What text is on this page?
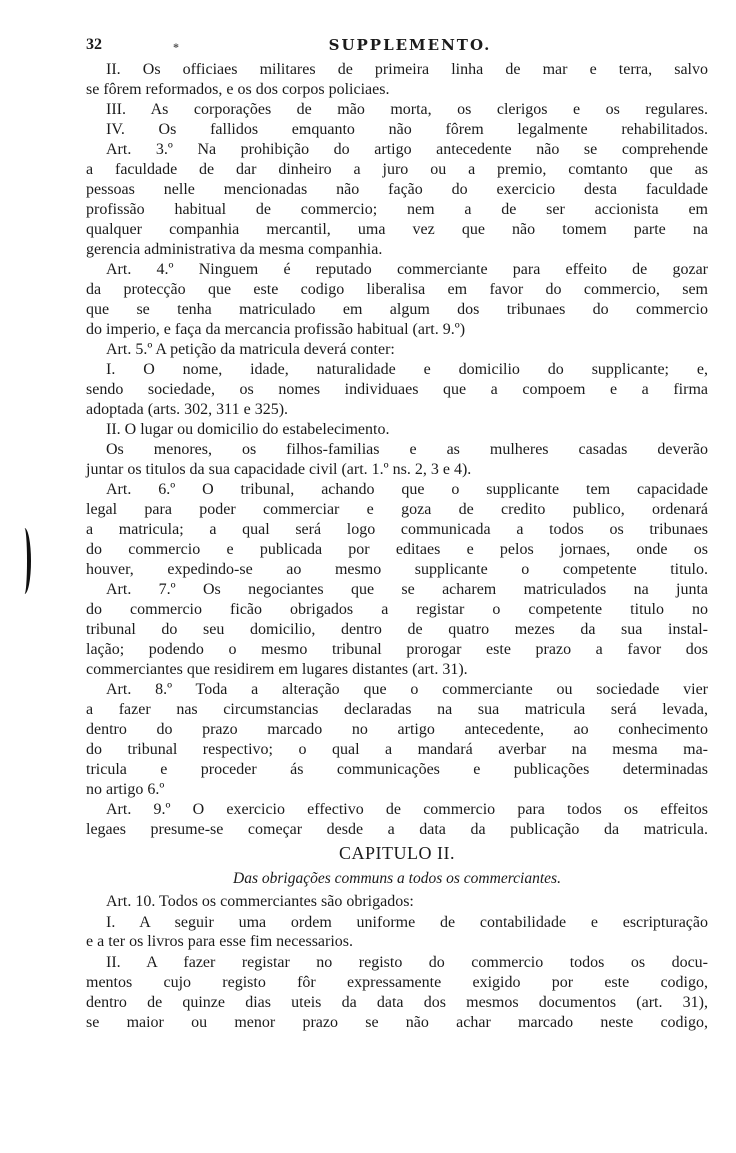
32	*	SUPPLEMENTO.
II. Os officiaes militares de primeira linha de mar e terra, salvo
se fôrem reformados, e os dos corpos policiaes.
III. As corporações de mão morta, os clerigos e os regulares.
IV. Os fallidos emquanto não fôrem legalmente rehabilitados.
Art. 3.º Na prohibição do artigo antecedente não se comprehende
a faculdade de dar dinheiro a juro ou a premio, comtanto que as
pessoas nelle mencionadas não fação do exercicio desta faculdade
profissão habitual de commercio; nem a de ser accionista em
qualquer companhia mercantil, uma vez que não tomem parte na
gerencia administrativa da mesma companhia.
Art. 4.º Ninguem é reputado commerciante para effeito de gozar
da protecção que este codigo liberalisa em favor do commercio, sem
que se tenha matriculado em algum dos tribunaes do commercio
do imperio, e faça da mercancia profissão habitual (art. 9.º)
Art. 5.º A petição da matricula deverá conter:
I. O nome, idade, naturalidade e domicilio do supplicante; e,
sendo sociedade, os nomes individuaes que a compoem e a firma
adoptada (arts. 302, 311 e 325).
II. O lugar ou domicilio do estabelecimento.
Os menores, os filhos-familias e as mulheres casadas deverão
juntar os titulos da sua capacidade civil (art. 1.º ns. 2, 3 e 4).
Art. 6.º O tribunal, achando que o supplicante tem capacidade
legal para poder commerciar e goza de credito publico, ordenará
a matricula; a qual será logo communicada a todos os tribunaes
do commercio e publicada por editaes e pelos jornaes, onde os
houver, expedindo-se ao mesmo supplicante o competente titulo.
Art. 7.º Os negociantes que se acharem matriculados na junta
do commercio ficão obrigados a registar o competente titulo no
tribunal do seu domicilio, dentro de quatro mezes da sua instal-
lação; podendo o mesmo tribunal prorogar este prazo a favor dos
commerciantes que residirem em lugares distantes (art. 31).
Art. 8.º Toda a alteração que o commerciante ou sociedade vier
a fazer nas circumstancias declaradas na sua matricula será levada,
dentro do prazo marcado no artigo antecedente, ao conhecimento
do tribunal respectivo; o qual a mandará averbar na mesma ma-
tricula e proceder ás communicações e publicações determinadas
no artigo 6.º
Art. 9.º O exercicio effectivo de commercio para todos os effeitos
legaes presume-se começar desde a data da publicação da matricula.
CAPITULO II.
Das obrigações communs a todos os commerciantes.
Art. 10. Todos os commerciantes são obrigados:
I. A seguir uma ordem uniforme de contabilidade e escripturação
e a ter os livros para esse fim necessarios.
II. A fazer registar no registo do commercio todos os docu-
mentos cujo registo fôr expressamente exigido por este codigo,
dentro de quinze dias uteis da data dos mesmos documentos (art. 31),
se maior ou menor prazo se não achar marcado neste codigo,
